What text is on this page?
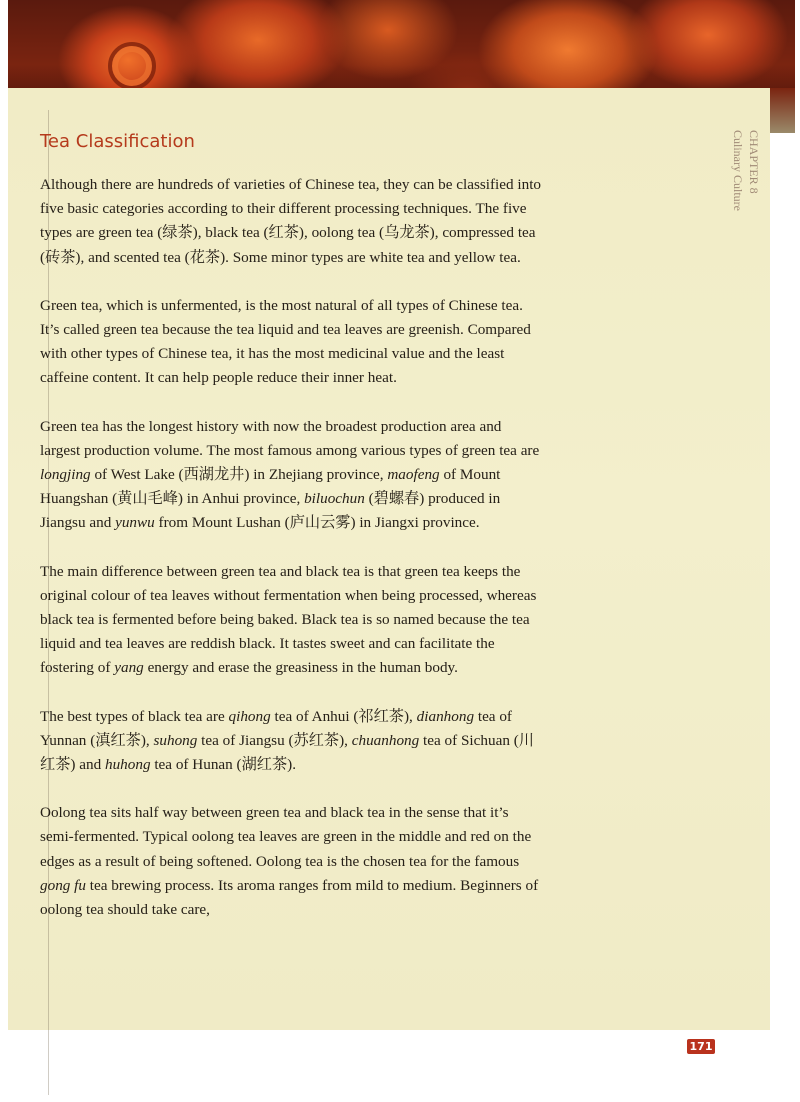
Tea Classification	CHAPTER 8
Culinary Culture

Although there are hundreds of varieties of Chinese tea, they can be classified into five basic categories according to their different processing techniques. The five types are green tea (绿茶), black tea (红茶), oolong tea (乌龙茶), compressed tea (砖茶), and scented tea (花茶). Some minor types are white tea and yellow tea.

Green tea, which is unfermented, is the most natural of all types of Chinese tea. It’s called green tea because the tea liquid and tea leaves are greenish. Compared with other types of Chinese tea, it has the most medicinal value and the least caffeine content. It can help people reduce their inner heat.

Green tea has the longest history with now the broadest production area and largest production volume. The most famous among various types of green tea are longjing of West Lake (西湖龙井) in Zhejiang province, maofeng of Mount Huangshan (黄山毛峰) in Anhui province, biluochun (碧螺春) produced in Jiangsu and yunwu from Mount Lushan (庐山云雾) in Jiangxi province.

The main difference between green tea and black tea is that green tea keeps the original colour of tea leaves without fermentation when being processed, whereas black tea is fermented before being baked. Black tea is so named because the tea liquid and tea leaves are reddish black. It tastes sweet and can facilitate the fostering of yang energy and erase the greasiness in the human body.

The best types of black tea are qihong tea of Anhui (祁红茶), dianhong tea of Yunnan (滇红茶), suhong tea of Jiangsu (苏红茶), chuanhong tea of Sichuan (川红茶) and huhong tea of Hunan (湖红茶).

Oolong tea sits half way between green tea and black tea in the sense that it’s semi-fermented. Typical oolong tea leaves are green in the middle and red on the edges as a result of being softened. Oolong tea is the chosen tea for the famous gong fu tea brewing process. Its aroma ranges from mild to medium. Beginners of oolong tea should take care,

171
